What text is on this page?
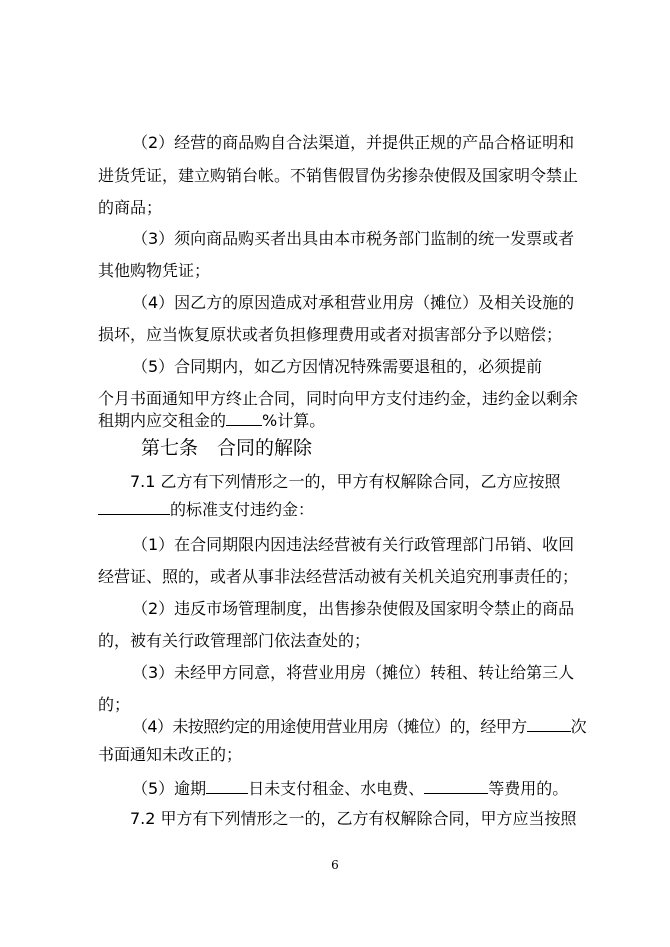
（2）经营的商品购自合法渠道，并提供正规的产品合格证明和
进货凭证，建立购销台帐。不销售假冒伪劣掺杂使假及国家明令禁止
的商品；
（3）须向商品购买者出具由本市税务部门监制的统一发票或者
其他购物凭证；
（4）因乙方的原因造成对承租营业用房（摊位）及相关设施的
损坏，应当恢复原状或者负担修理费用或者对损害部分予以赔偿；
（5）合同期内，如乙方因情况特殊需要退租的，必须提前
个月书面通知甲方终止合同，同时向甲方支付违约金，违约金以剩余
租期内应交租金的 %计算。
第七条　合同的解除
7.1 乙方有下列情形之一的，甲方有权解除合同，乙方应按照
的标准支付违约金：
（1）在合同期限内因违法经营被有关行政管理部门吊销、收回
经营证、照的，或者从事非法经营活动被有关机关追究刑事责任的；
（2）违反市场管理制度，出售掺杂使假及国家明令禁止的商品
的，被有关行政管理部门依法查处的；
（3）未经甲方同意，将营业用房（摊位）转租、转让给第三人
的；
（4）未按照约定的用途使用营业用房（摊位）的，经甲方	次
书面通知未改正的；
（5）逾期	日未支付租金、水电费、	等费用的。
7.2 甲方有下列情形之一的，乙方有权解除合同，甲方应当按照
6
